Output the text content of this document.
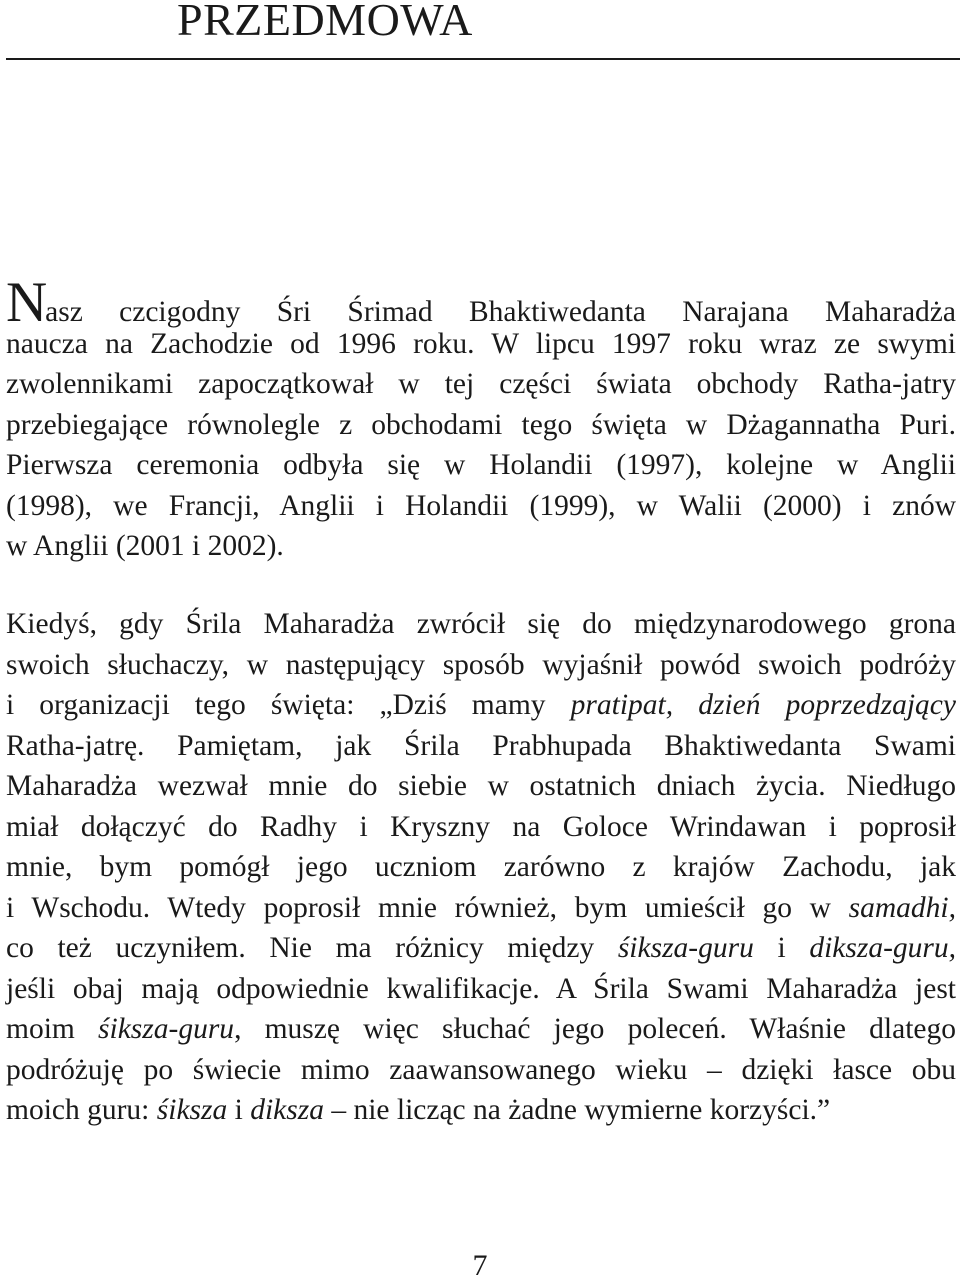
PRZEDMOWA
Nasz czcigodny Śri Śrimad Bhaktiwedanta Narajana Maharadża
naucza na Zachodzie od 1996 roku. W lipcu 1997 roku wraz ze swymi
zwolennikami zapoczątkował w tej części świata obchody Ratha-jatry
przebiegające równolegle z obchodami tego święta w Dżagannatha Puri.
Pierwsza ceremonia odbyła się w Holandii (1997), kolejne w Anglii
(1998), we Francji, Anglii i Holandii (1999), w Walii (2000) i znów
w Anglii (2001 i 2002).
Kiedyś, gdy Śrila Maharadża zwrócił się do międzynarodowego grona
swoich słuchaczy, w następujący sposób wyjaśnił powód swoich podróży
i organizacji tego święta: „Dziś mamy pratipat, dzień poprzedzający
Ratha-jatrę. Pamiętam, jak Śrila Prabhupada Bhaktiwedanta Swami
Maharadża wezwał mnie do siebie w ostatnich dniach życia. Niedługo
miał dołączyć do Radhy i Kryszny na Goloce Wrindawan i poprosił
mnie, bym pomógł jego uczniom zarówno z krajów Zachodu, jak
i Wschodu. Wtedy poprosił mnie również, bym umieścił go w samadhi,
co też uczyniłem. Nie ma różnicy między śiksza-guru i diksza-guru,
jeśli obaj mają odpowiednie kwalifikacje. A Śrila Swami Maharadża jest
moim śiksza-guru, muszę więc słuchać jego poleceń. Właśnie dlatego
podróżuję po świecie mimo zaawansowanego wieku – dzięki łasce obu
moich guru: śiksza i diksza – nie licząc na żadne wymierne korzyści.”
7
